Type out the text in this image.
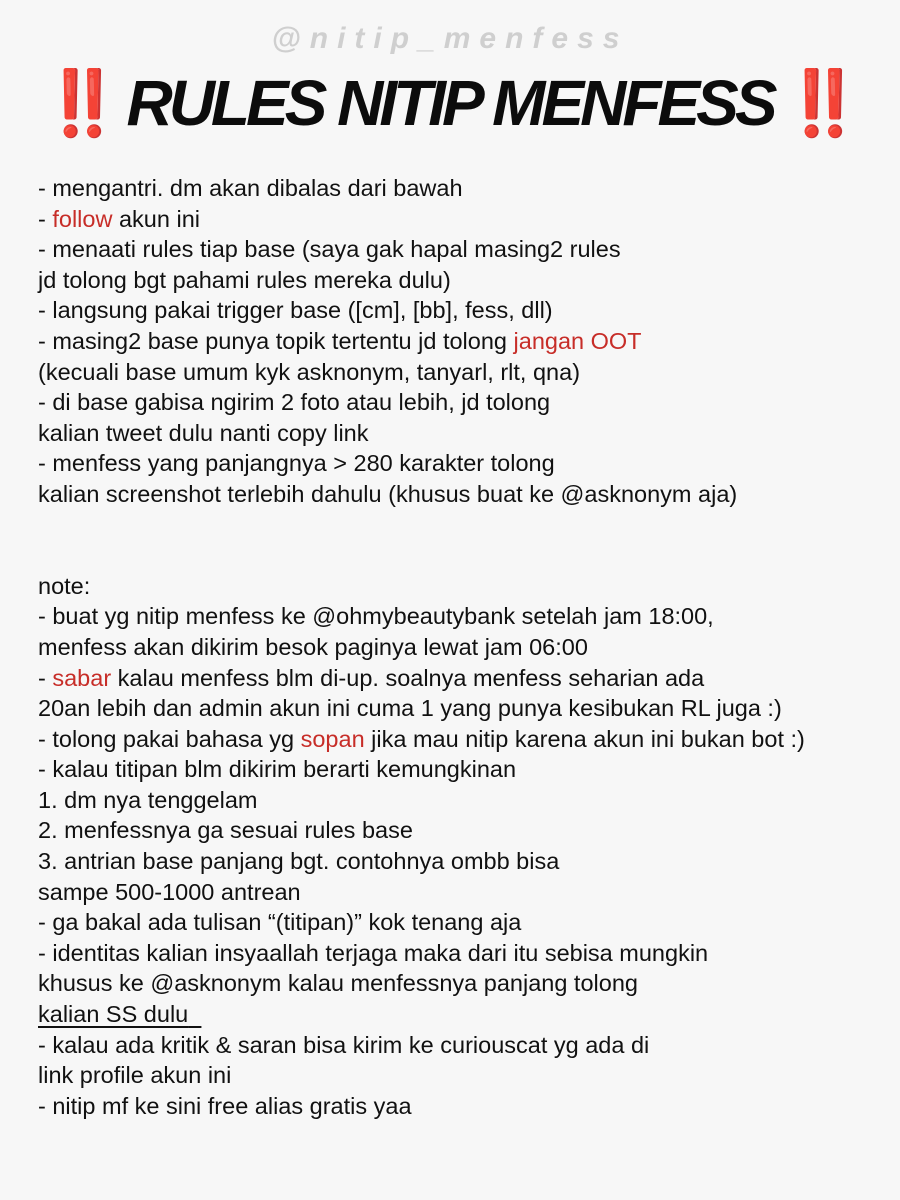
@nitip_menfess
‼️ RULES NITIP MENFESS ‼️
- mengantri. dm akan dibalas dari bawah
- follow akun ini
- menaati rules tiap base (saya gak hapal masing2 rules
jd tolong bgt pahami rules mereka dulu)
- langsung pakai trigger base ([cm], [bb], fess, dll)
- masing2 base punya topik tertentu jd tolong jangan OOT
(kecuali base umum kyk asknonym, tanyarl, rlt, qna)
- di base gabisa ngirim 2 foto atau lebih, jd tolong
kalian tweet dulu nanti copy link
- menfess yang panjangnya > 280 karakter tolong
kalian screenshot terlebih dahulu (khusus buat ke @asknonym aja)
note:
- buat yg nitip menfess ke @ohmybeautybank setelah jam 18:00,
menfess akan dikirim besok paginya lewat jam 06:00
- sabar kalau menfess blm di-up. soalnya menfess seharian ada
20an lebih dan admin akun ini cuma 1 yang punya kesibukan RL juga :)
- tolong pakai bahasa yg sopan jika mau nitip karena akun ini bukan bot :)
- kalau titipan blm dikirim berarti kemungkinan
1. dm nya tenggelam
2. menfessnya ga sesuai rules base
3. antrian base panjang bgt. contohnya ombb bisa
sampe 500-1000 antrean
- ga bakal ada tulisan “(titipan)” kok tenang aja
- identitas kalian insyaallah terjaga maka dari itu sebisa mungkin
khusus ke @asknonym kalau menfessnya panjang tolong
kalian SS dulu
- kalau ada kritik & saran bisa kirim ke curiouscat yg ada di
link profile akun ini
- nitip mf ke sini free alias gratis yaa
